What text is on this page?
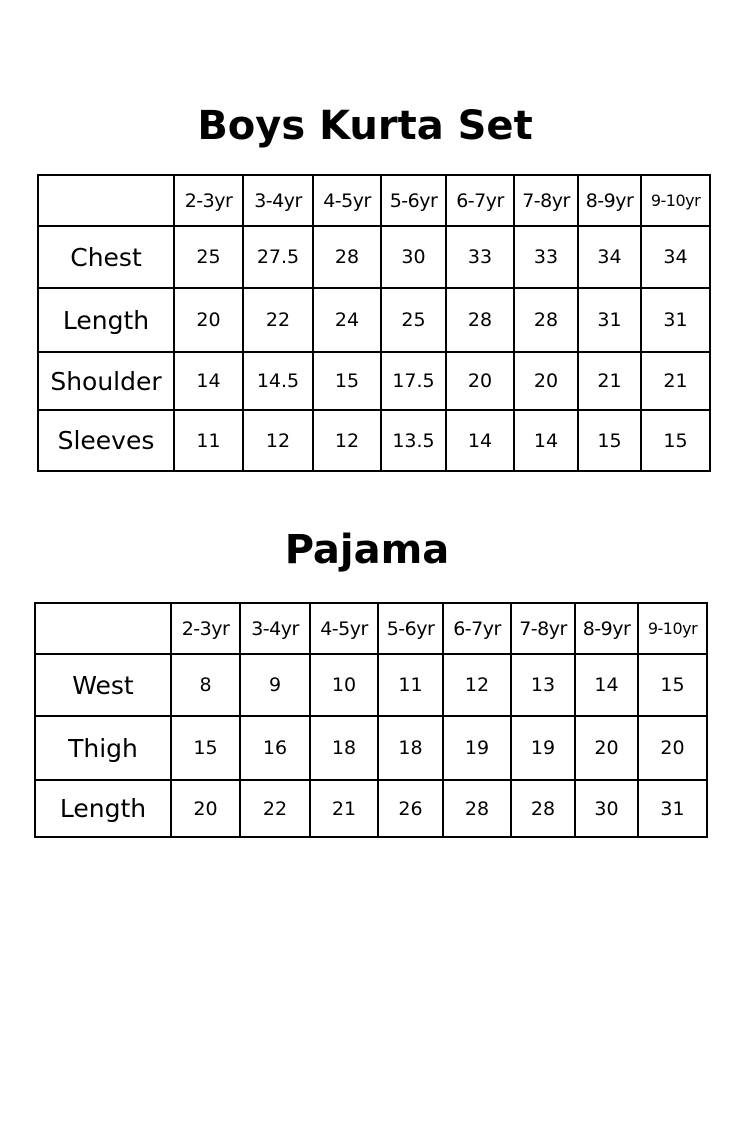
Boys Kurta Set
	2-3yr	3-4yr	4-5yr	5-6yr	6-7yr	7-8yr	8-9yr	9-10yr
Chest	25	27.5	28	30	33	33	34	34
Length	20	22	24	25	28	28	31	31
Shoulder	14	14.5	15	17.5	20	20	21	21
Sleeves	11	12	12	13.5	14	14	15	15
Pajama
	2-3yr	3-4yr	4-5yr	5-6yr	6-7yr	7-8yr	8-9yr	9-10yr
West	8	9	10	11	12	13	14	15
Thigh	15	16	18	18	19	19	20	20
Length	20	22	21	26	28	28	30	31
